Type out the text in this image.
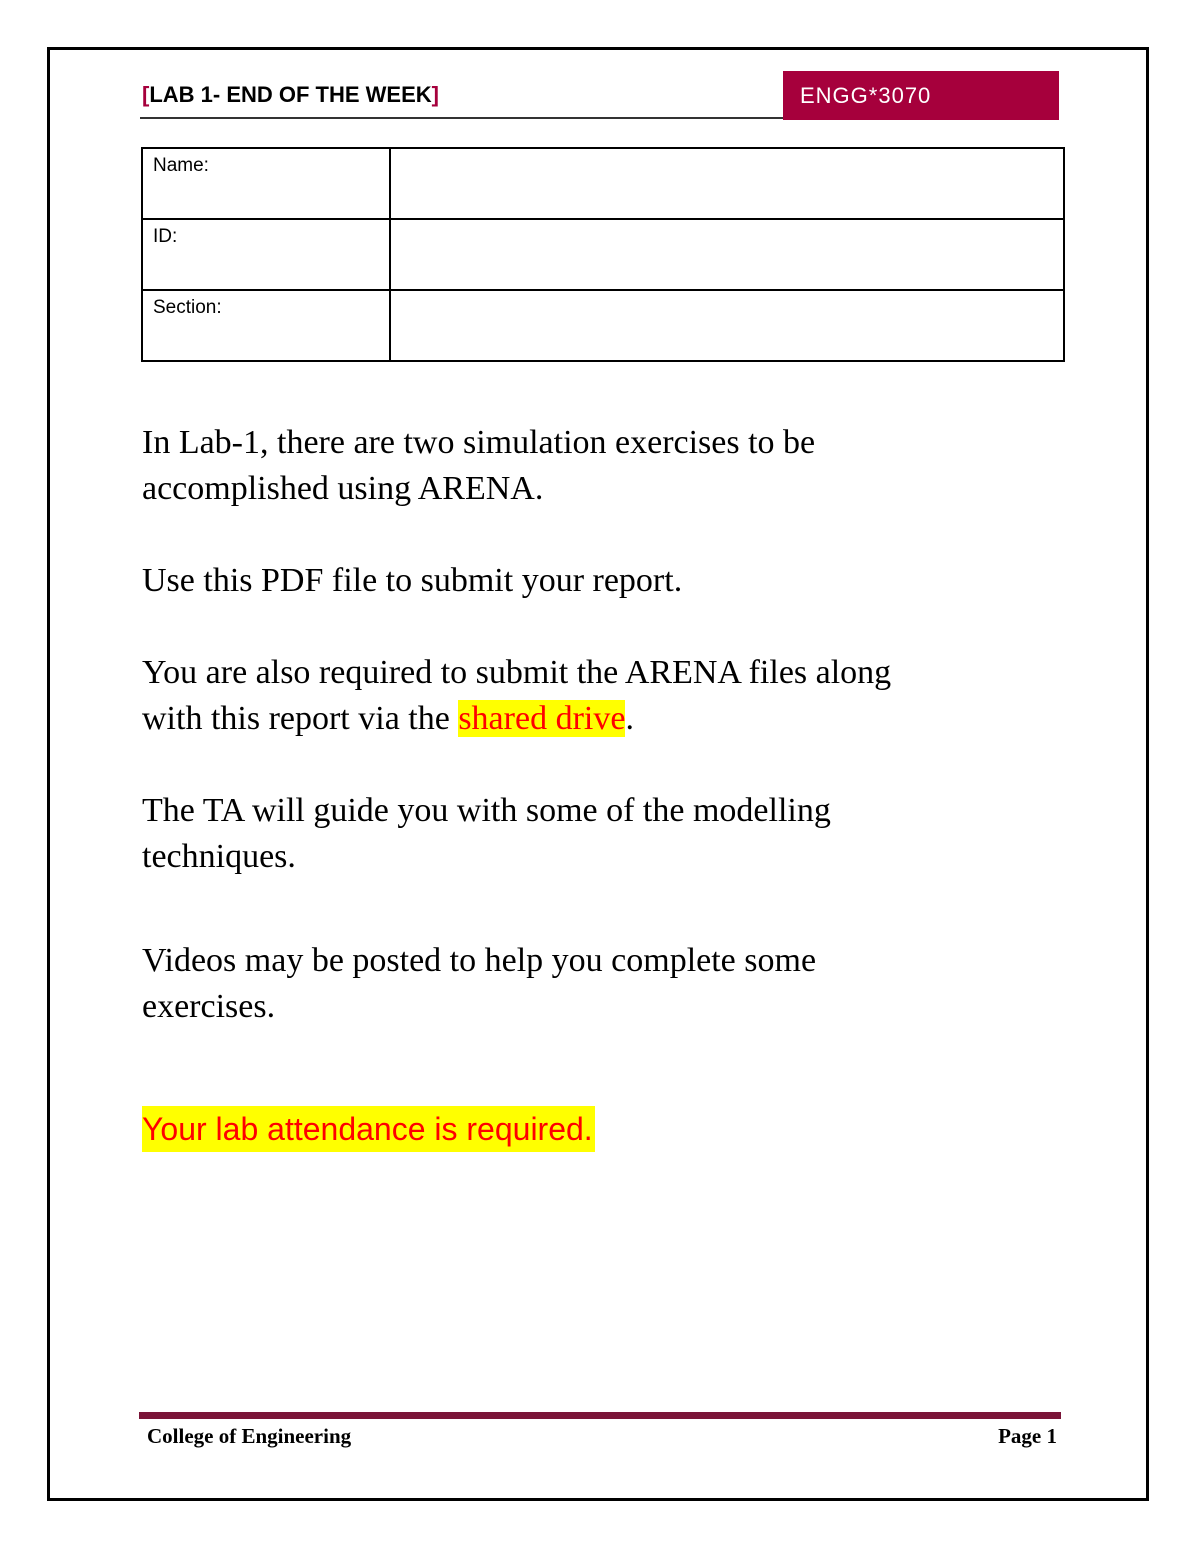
[LAB 1- END OF THE WEEK]	ENGG*3070
Name:	
ID:	
Section:	

In Lab-1, there are two simulation exercises to be
accomplished using ARENA.

Use this PDF file to submit your report.

You are also required to submit the ARENA files along
with this report via the shared drive.

The TA will guide you with some of the modelling
techniques.

Videos may be posted to help you complete some
exercises.

Your lab attendance is required.
College of Engineering	Page 1
